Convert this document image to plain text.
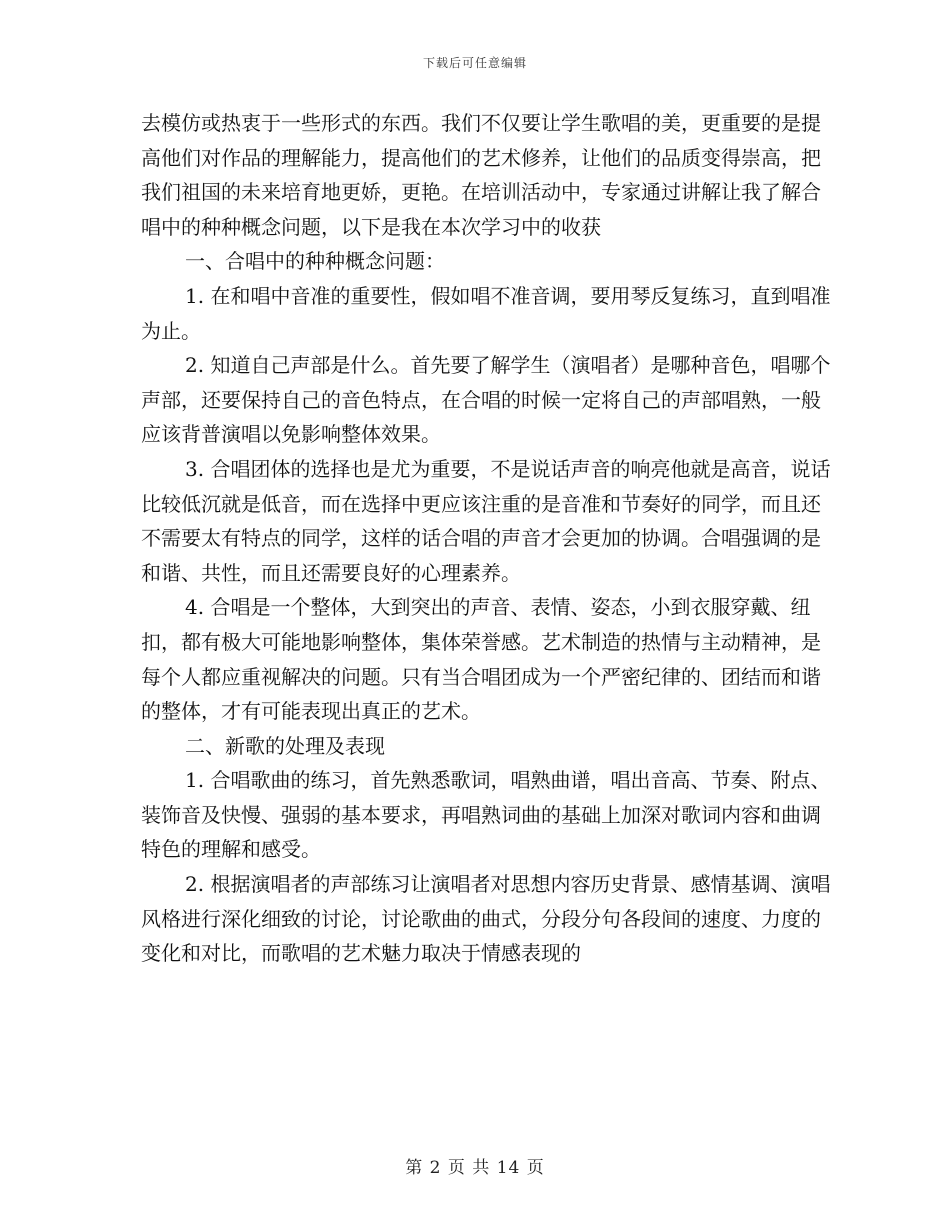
下载后可任意编辑

去模仿或热衷于一些形式的东西。我们不仅要让学生歌唱的美，更重要的是提高他们对作品的理解能力，提高他们的艺术修养，让他们的品质变得崇高，把我们祖国的未来培育地更娇，更艳。在培训活动中，专家通过讲解让我了解合唱中的种种概念问题，以下是我在本次学习中的收获

一、合唱中的种种概念问题：

1. 在和唱中音准的重要性，假如唱不准音调，要用琴反复练习，直到唱准为止。

2. 知道自己声部是什么。首先要了解学生（演唱者）是哪种音色，唱哪个声部，还要保持自己的音色特点，在合唱的时候一定将自己的声部唱熟，一般应该背普演唱以免影响整体效果。

3. 合唱团体的选择也是尤为重要，不是说话声音的响亮他就是高音，说话比较低沉就是低音，而在选择中更应该注重的是音准和节奏好的同学，而且还不需要太有特点的同学，这样的话合唱的声音才会更加的协调。合唱强调的是和谐、共性，而且还需要良好的心理素养。

4. 合唱是一个整体，大到突出的声音、表情、姿态，小到衣服穿戴、纽扣，都有极大可能地影响整体，集体荣誉感。艺术制造的热情与主动精神，是每个人都应重视解决的问题。只有当合唱团成为一个严密纪律的、团结而和谐的整体，才有可能表现出真正的艺术。

二、新歌的处理及表现

1. 合唱歌曲的练习，首先熟悉歌词，唱熟曲谱，唱出音高、节奏、附点、装饰音及快慢、强弱的基本要求，再唱熟词曲的基础上加深对歌词内容和曲调特色的理解和感受。

2. 根据演唱者的声部练习让演唱者对思想内容历史背景、感情基调、演唱风格进行深化细致的讨论，讨论歌曲的曲式，分段分句各段间的速度、力度的变化和对比，而歌唱的艺术魅力取决于情感表现的

第 2 页 共 14 页
